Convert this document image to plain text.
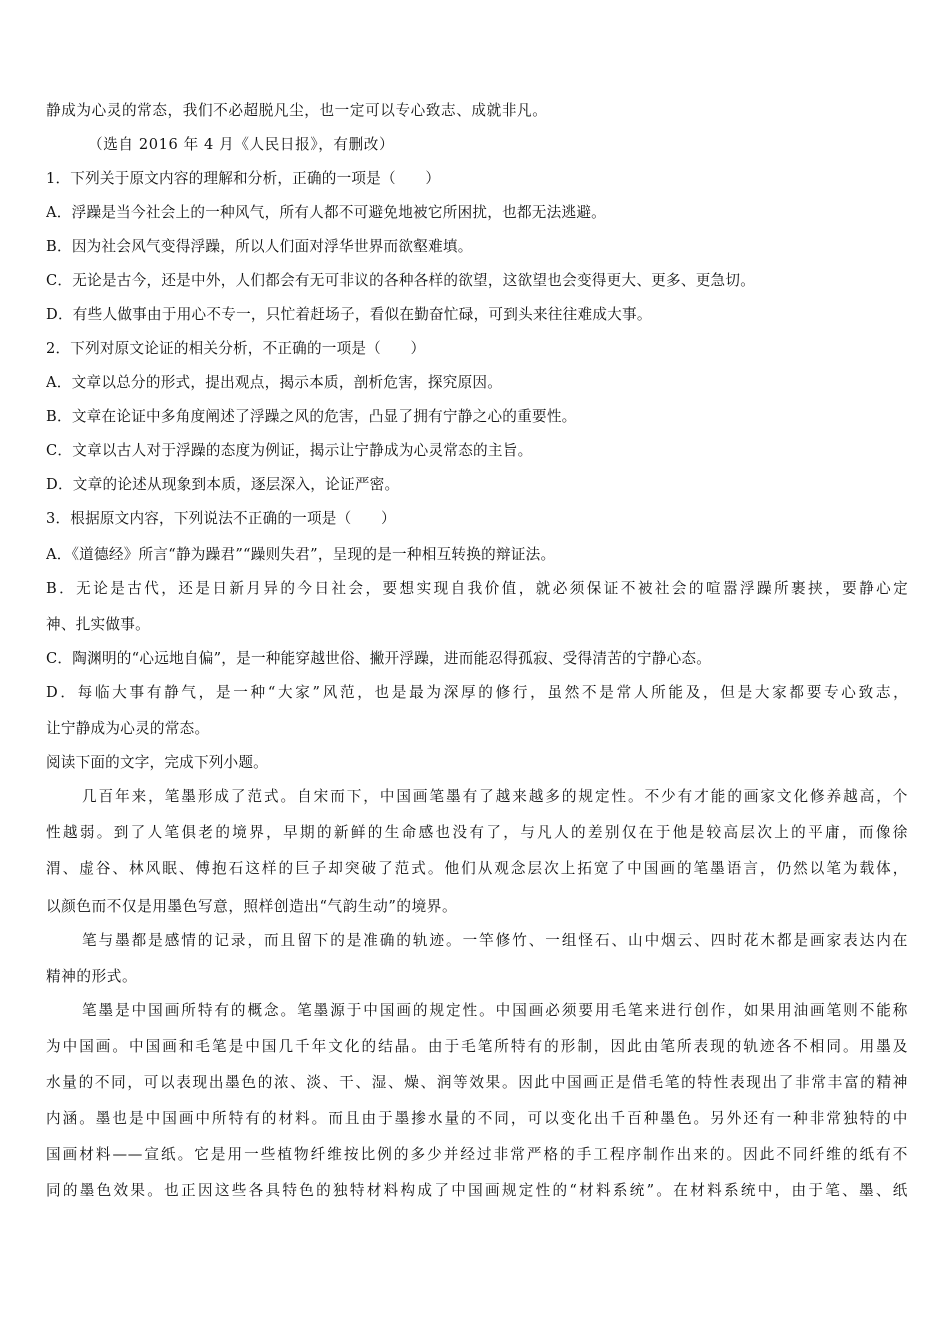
静成为心灵的常态，我们不必超脱凡尘，也一定可以专心致志、成就非凡。
（选自 2016 年 4 月《人民日报》，有删改）
1．下列关于原文内容的理解和分析，正确的一项是（　　）
A．浮躁是当今社会上的一种风气，所有人都不可避免地被它所困扰，也都无法逃避。
B．因为社会风气变得浮躁，所以人们面对浮华世界而欲壑难填。
C．无论是古今，还是中外，人们都会有无可非议的各种各样的欲望，这欲望也会变得更大、更多、更急切。
D．有些人做事由于用心不专一，只忙着赶场子，看似在勤奋忙碌，可到头来往往难成大事。
2．下列对原文论证的相关分析，不正确的一项是（　　）
A．文章以总分的形式，提出观点，揭示本质，剖析危害，探究原因。
B．文章在论证中多角度阐述了浮躁之风的危害，凸显了拥有宁静之心的重要性。
C．文章以古人对于浮躁的态度为例证，揭示让宁静成为心灵常态的主旨。
D．文章的论述从现象到本质，逐层深入，论证严密。
3．根据原文内容，下列说法不正确的一项是（　　）
A．《道德经》所言“静为躁君”“躁则失君”，呈现的是一种相互转换的辩证法。
B．无论是古代，还是日新月异的今日社会，要想实现自我价值，就必须保证不被社会的喧嚣浮躁所裹挟，要静心定
神、扎实做事。
C．陶渊明的“心远地自偏”，是一种能穿越世俗、撇开浮躁，进而能忍得孤寂、受得清苦的宁静心态。
D．每临大事有静气，是一种“大家”风范，也是最为深厚的修行，虽然不是常人所能及，但是大家都要专心致志，
让宁静成为心灵的常态。
阅读下面的文字，完成下列小题。
几百年来，笔墨形成了范式。自宋而下，中国画笔墨有了越来越多的规定性。不少有才能的画家文化修养越高，个
性越弱。到了人笔俱老的境界，早期的新鲜的生命感也没有了，与凡人的差别仅在于他是较高层次上的平庸，而像徐
渭、虚谷、林风眠、傅抱石这样的巨子却突破了范式。他们从观念层次上拓宽了中国画的笔墨语言，仍然以笔为载体，
以颜色而不仅是用墨色写意，照样创造出“气韵生动”的境界。
笔与墨都是感情的记录，而且留下的是准确的轨迹。一竿修竹、一组怪石、山中烟云、四时花木都是画家表达内在
精神的形式。
笔墨是中国画所特有的概念。笔墨源于中国画的规定性。中国画必须要用毛笔来进行创作，如果用油画笔则不能称
为中国画。中国画和毛笔是中国几千年文化的结晶。由于毛笔所特有的形制，因此由笔所表现的轨迹各不相同。用墨及
水量的不同，可以表现出墨色的浓、淡、干、湿、燥、润等效果。因此中国画正是借毛笔的特性表现出了非常丰富的精神
内涵。墨也是中国画中所特有的材料。而且由于墨掺水量的不同，可以变化出千百种墨色。另外还有一种非常独特的中
国画材料——宣纸。它是用一些植物纤维按比例的多少并经过非常严格的手工程序制作出来的。因此不同纤维的纸有不
同的墨色效果。也正因这些各具特色的独特材料构成了中国画规定性的“材料系统”。在材料系统中，由于笔、墨、纸
